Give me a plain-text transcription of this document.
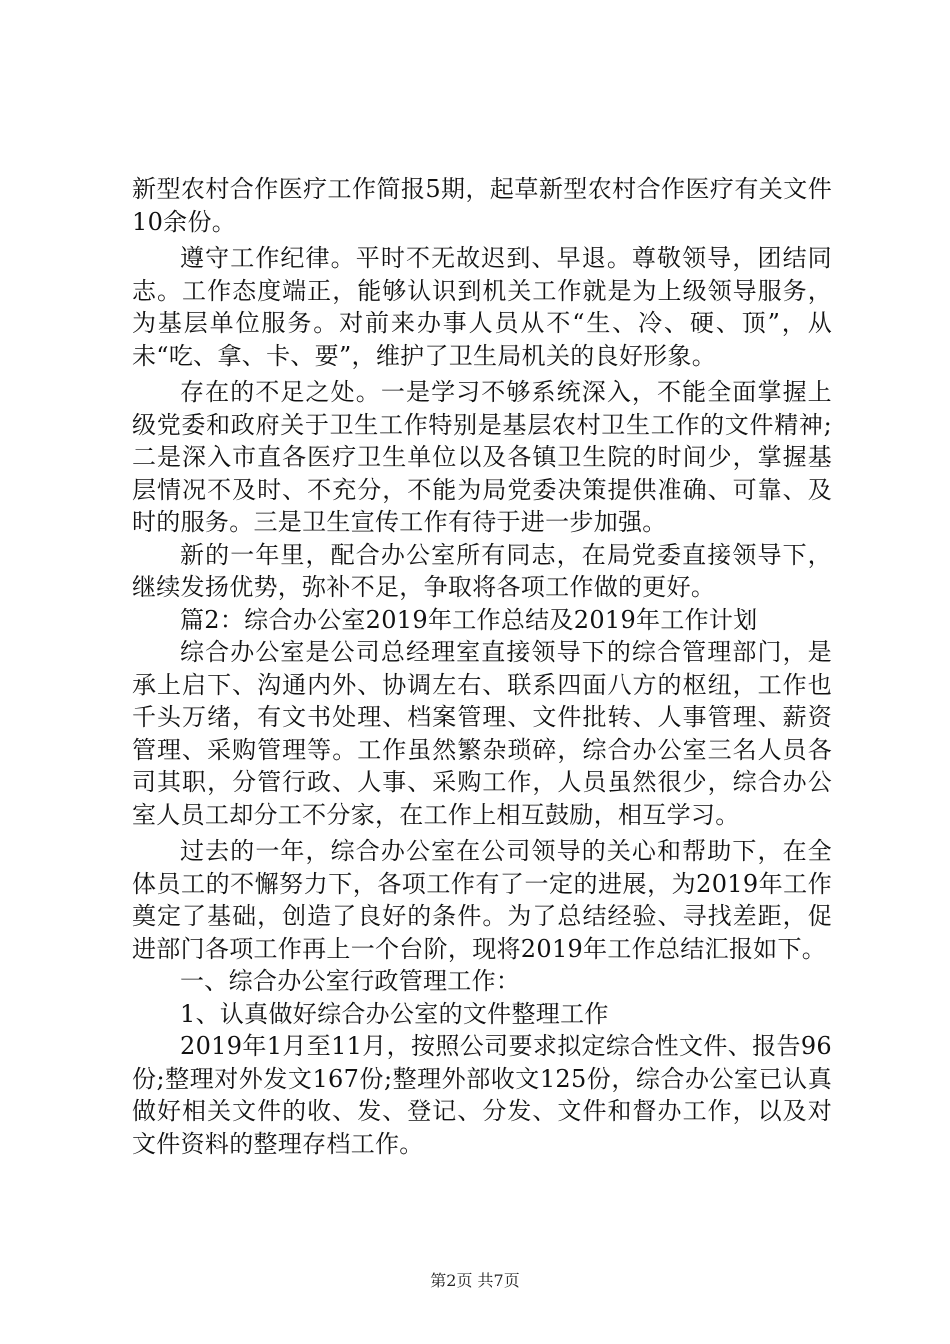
新型农村合作医疗工作简报5期，起草新型农村合作医疗有关文件10余份。

遵守工作纪律。平时不无故迟到、早退。尊敬领导，团结同志。工作态度端正，能够认识到机关工作就是为上级领导服务，为基层单位服务。对前来办事人员从不“生、冷、硬、顶”，从未“吃、拿、卡、要”，维护了卫生局机关的良好形象。

存在的不足之处。一是学习不够系统深入，不能全面掌握上级党委和政府关于卫生工作特别是基层农村卫生工作的文件精神;二是深入市直各医疗卫生单位以及各镇卫生院的时间少，掌握基层情况不及时、不充分，不能为局党委决策提供准确、可靠、及时的服务。三是卫生宣传工作有待于进一步加强。

新的一年里，配合办公室所有同志，在局党委直接领导下，继续发扬优势，弥补不足，争取将各项工作做的更好。

篇2：综合办公室2019年工作总结及2019年工作计划

综合办公室是公司总经理室直接领导下的综合管理部门，是承上启下、沟通内外、协调左右、联系四面八方的枢纽，工作也千头万绪，有文书处理、档案管理、文件批转、人事管理、薪资管理、采购管理等。工作虽然繁杂琐碎，综合办公室三名人员各司其职，分管行政、人事、采购工作，人员虽然很少，综合办公室人员工却分工不分家，在工作上相互鼓励，相互学习。

过去的一年，综合办公室在公司领导的关心和帮助下，在全体员工的不懈努力下，各项工作有了一定的进展，为2019年工作奠定了基础，创造了良好的条件。为了总结经验、寻找差距，促进部门各项工作再上一个台阶，现将2019年工作总结汇报如下。

一、综合办公室行政管理工作：

1、认真做好综合办公室的文件整理工作

2019年1月至11月，按照公司要求拟定综合性文件、报告96份;整理对外发文167份;整理外部收文125份，综合办公室已认真做好相关文件的收、发、登记、分发、文件和督办工作，以及对文件资料的整理存档工作。

第2页 共7页
